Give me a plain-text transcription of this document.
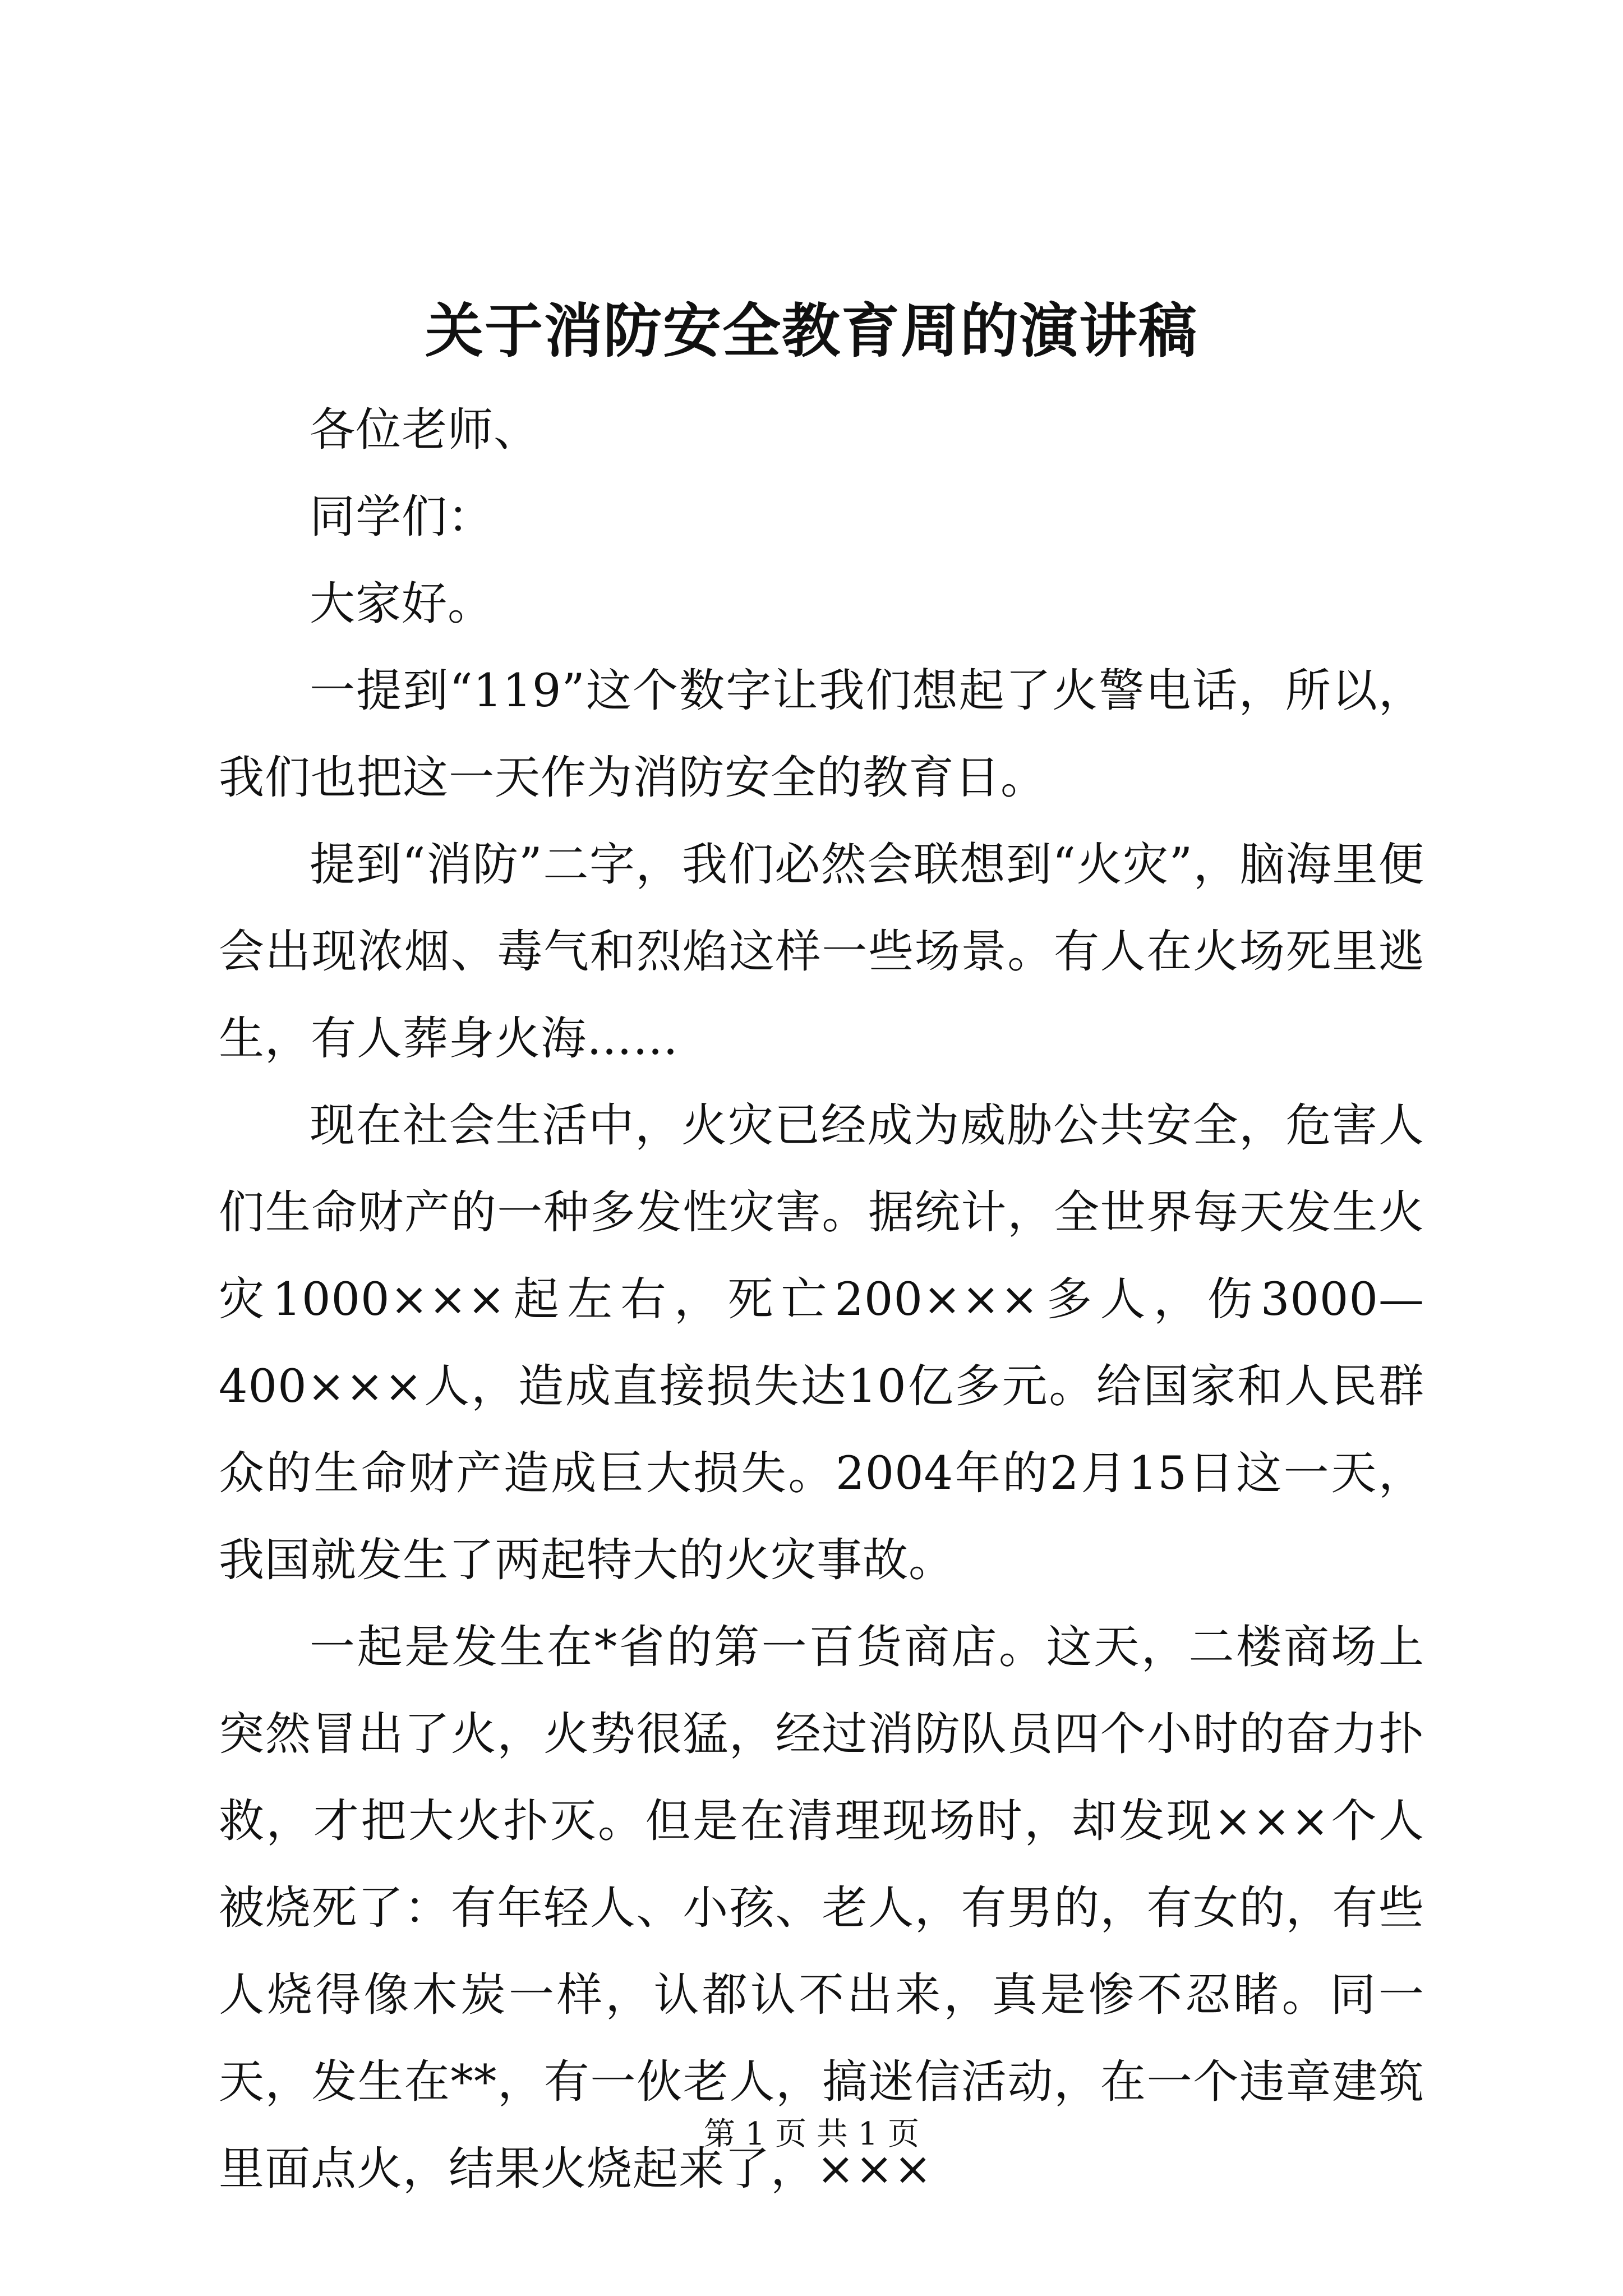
关于消防安全教育周的演讲稿

各位老师、

同学们：

大家好。

一提到“119”这个数字让我们想起了火警电话，所以，我们也把这一天作为消防安全的教育日。

提到“消防”二字，我们必然会联想到“火灾”，脑海里便会出现浓烟、毒气和烈焰这样一些场景。有人在火场死里逃生，有人葬身火海……

现在社会生活中，火灾已经成为威胁公共安全，危害人们生命财产的一种多发性灾害。据统计，全世界每天发生火灾1000×××起左右，死亡200×××多人，伤3000—400×××人，造成直接损失达10亿多元。给国家和人民群众的生命财产造成巨大损失。2004年的2月15日这一天，我国就发生了两起特大的火灾事故。

一起是发生在*省的第一百货商店。这天，二楼商场上突然冒出了火，火势很猛，经过消防队员四个小时的奋力扑救，才把大火扑灭。但是在清理现场时，却发现×××个人被烧死了：有年轻人、小孩、老人，有男的，有女的，有些人烧得像木炭一样，认都认不出来，真是惨不忍睹。同一天，发生在**，有一伙老人，搞迷信活动，在一个违章建筑里面点火，结果火烧起来了，×××

第 1 页 共 1 页
